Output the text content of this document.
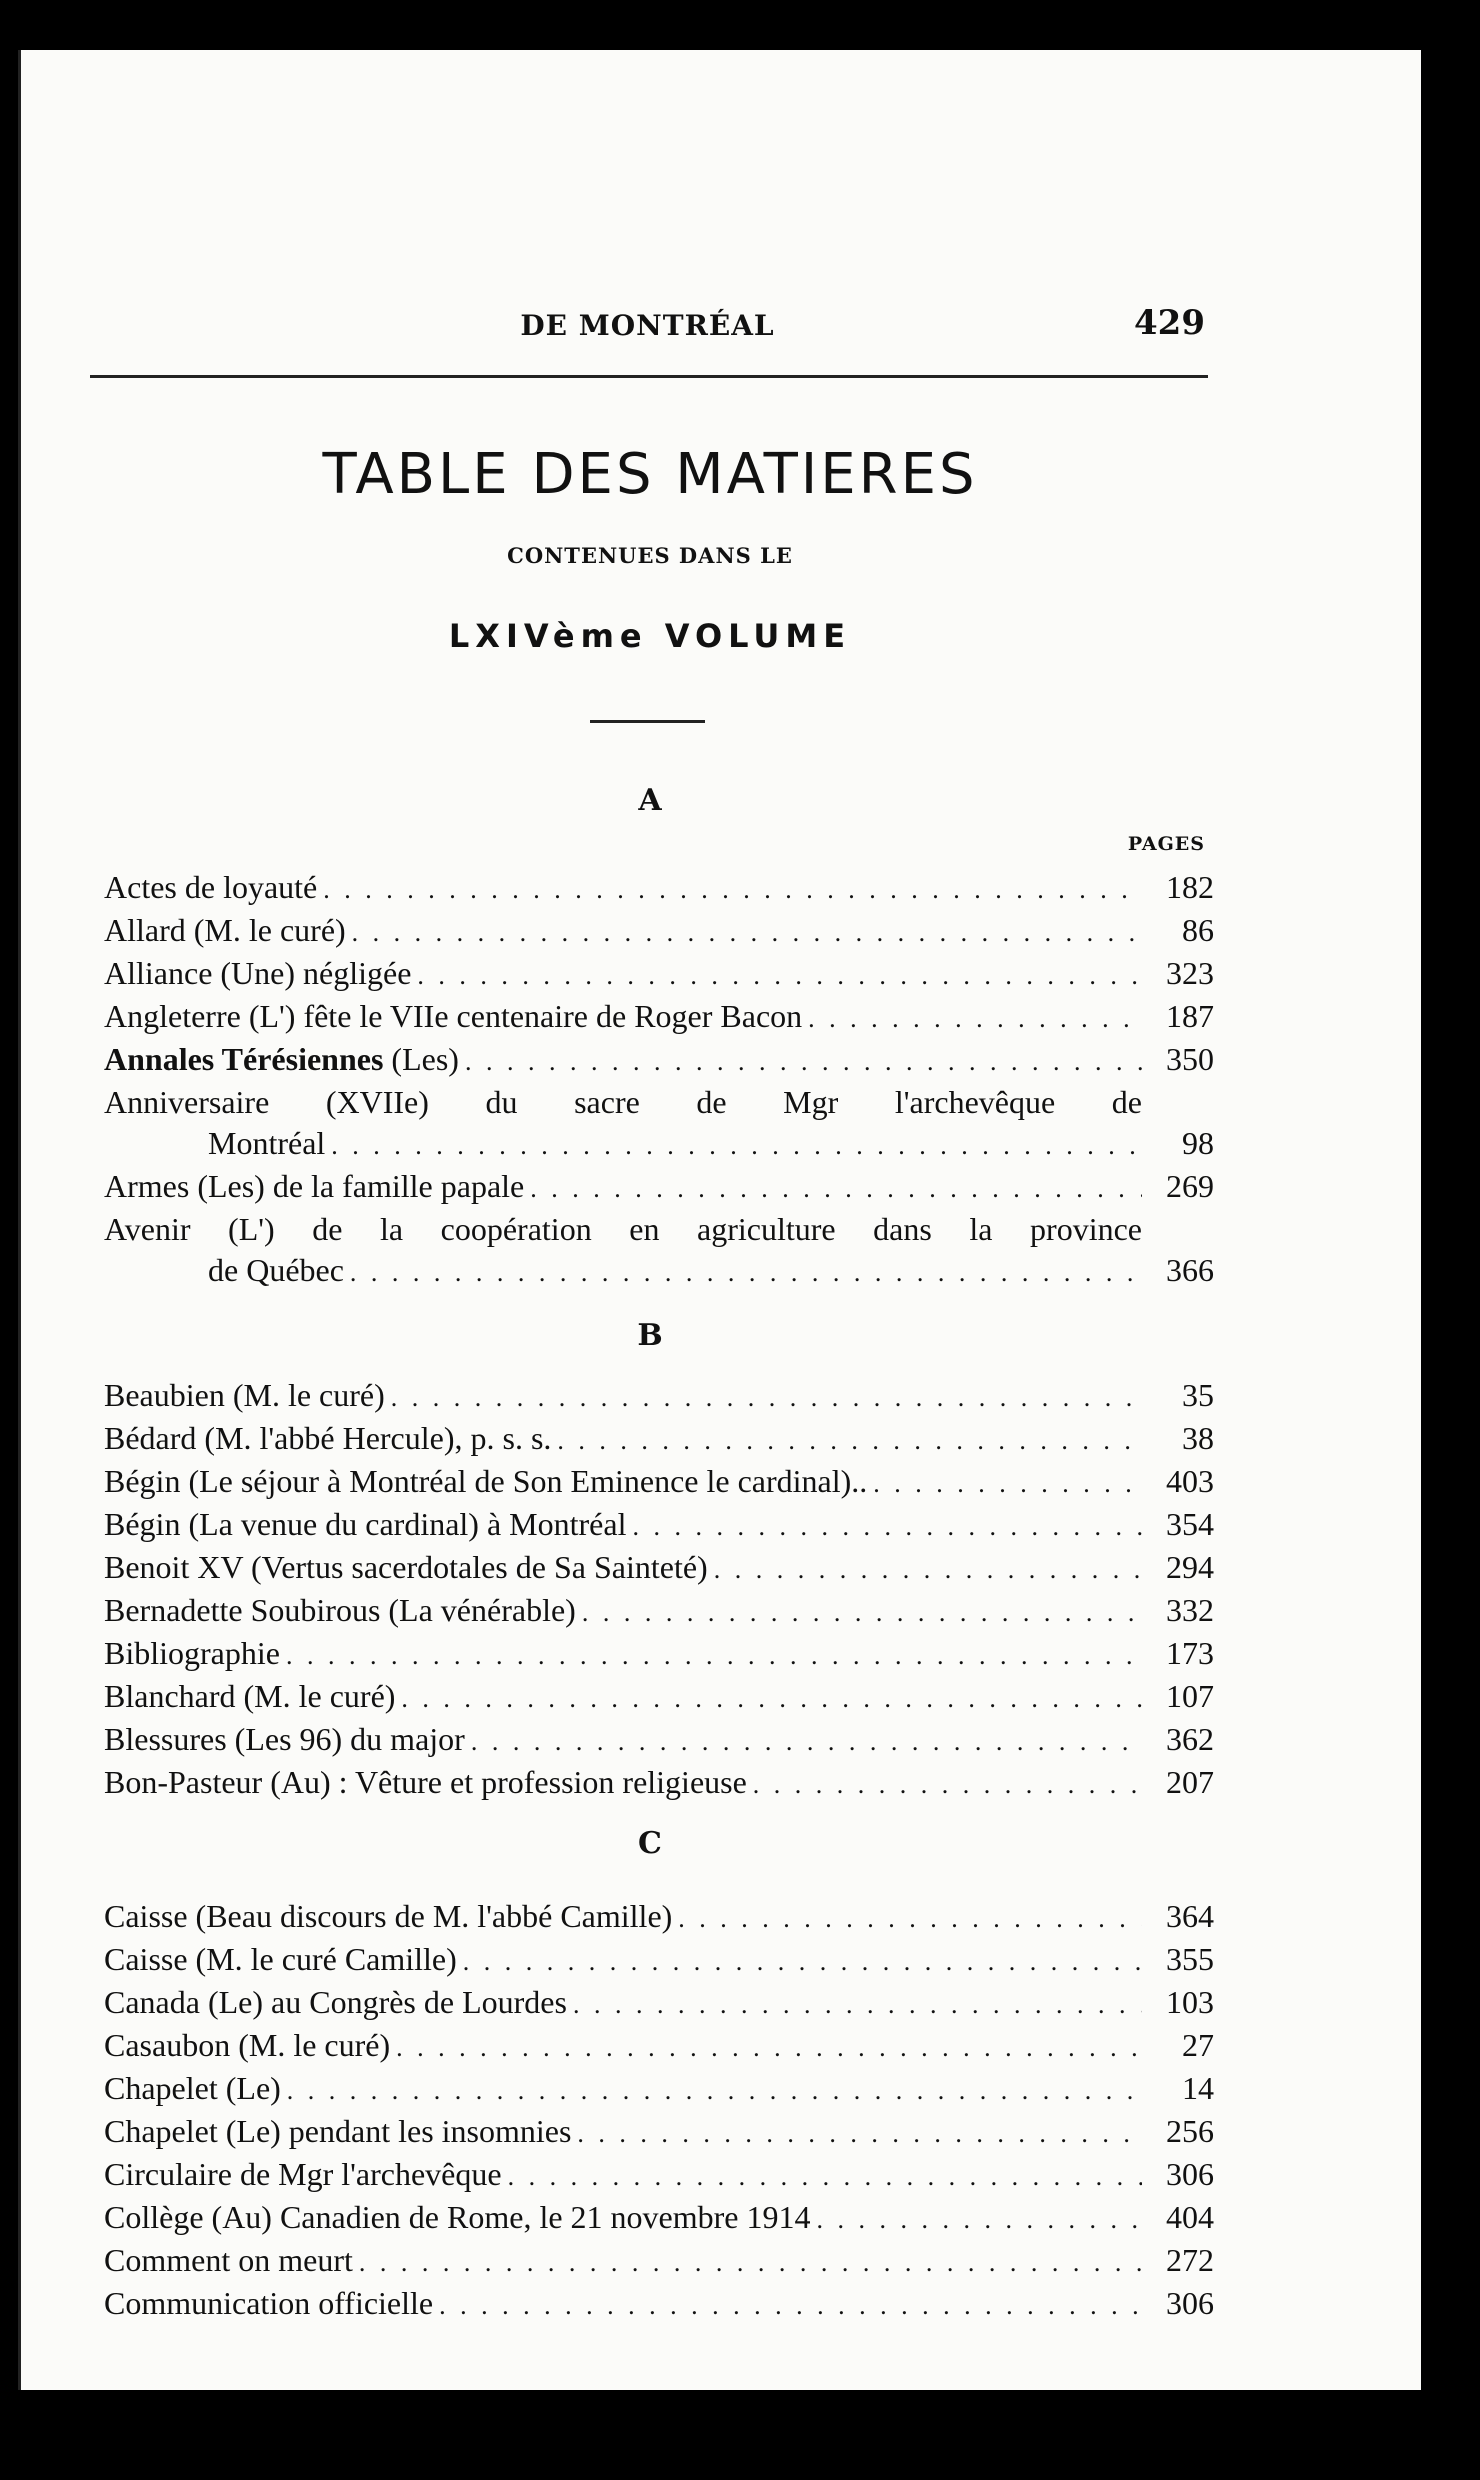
DE MONTRÉAL	429
TABLE DES MATIERES
CONTENUES DANS LE
LXIVème VOLUME
A
PAGES
Actes de loyauté . . .	182
Allard (M. le curé) . . .	86
Alliance (Une) négligée . . .	323
Angleterre (L') fête le VIIe centenaire de Roger Bacon . . .	187
Annales Térésiennes (Les) . . .	350
Anniversaire (XVIIe) du sacre de Mgr l'archevêque de
Montréal . . .	98
Armes (Les) de la famille papale . . .	269
Avenir (L') de la coopération en agriculture dans la province
de Québec . . .	366
B
Beaubien (M. le curé) . . .	35
Bédard (M. l'abbé Hercule), p. s. s. . . .	38
Bégin (Le séjour à Montréal de Son Eminence le cardinal).. . . .	403
Bégin (La venue du cardinal) à Montréal . . .	354
Benoit XV (Vertus sacerdotales de Sa Sainteté) . . .	294
Bernadette Soubirous (La vénérable) . . .	332
Bibliographie . . .	173
Blanchard (M. le curé) . . .	107
Blessures (Les 96) du major . . .	362
Bon-Pasteur (Au) : Vêture et profession religieuse . . .	207
C
Caisse (Beau discours de M. l'abbé Camille) . . .	364
Caisse (M. le curé Camille) . . .	355
Canada (Le) au Congrès de Lourdes . . .	103
Casaubon (M. le curé) . . .	27
Chapelet (Le) . . .	14
Chapelet (Le) pendant les insomnies . . .	256
Circulaire de Mgr l'archevêque . . .	306
Collège (Au) Canadien de Rome, le 21 novembre 1914 . . .	404
Comment on meurt . . .	272
Communication officielle . . .	306
